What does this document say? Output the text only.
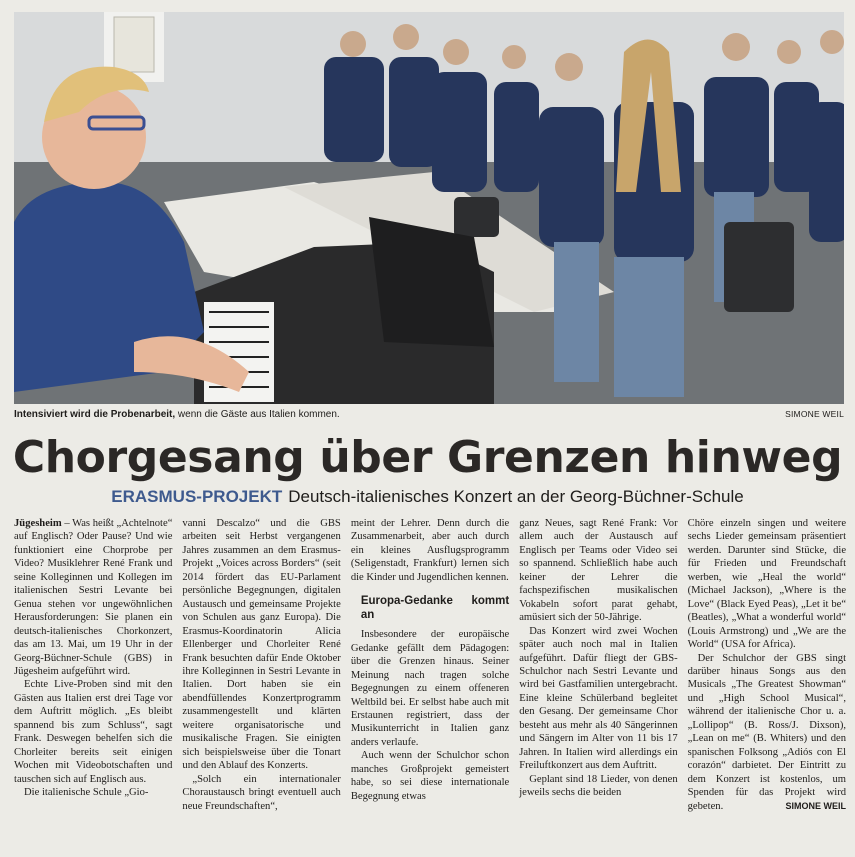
Intensiviert wird die Probenarbeit, wenn die Gäste aus Italien kommen.	SIMONE WEIL
Chorgesang über Grenzen hinweg
ERASMUS-PROJEKT Deutsch-italienisches Konzert an der Georg-Büchner-Schule

Jügesheim – Was heißt „Achtelnote“ auf Englisch? Oder Pause? Und wie funktioniert eine Chorprobe per Video? Musiklehrer René Frank und seine Kolleginnen und Kollegen im italienischen Sestri Levante bei Genua stehen vor ungewöhnlichen Herausforderungen: Sie planen ein deutsch-italienisches Chorkonzert, das am 13. Mai, um 19 Uhr in der Georg-Büchner-Schule (GBS) in Jügesheim aufgeführt wird.

Echte Live-Proben sind mit den Gästen aus Italien erst drei Tage vor dem Auftritt möglich. „Es bleibt spannend bis zum Schluss“, sagt Frank. Deswegen behelfen sich die Chorleiter bereits seit einigen Wochen mit Videobotschaften und tauschen sich auf Englisch aus.

Die italienische Schule „Gio-

vanni Descalzo“ und die GBS arbeiten seit Herbst vergangenen Jahres zusammen an dem Erasmus-Projekt „Voices across Borders“ (seit 2014 fördert das EU-Parlament persönliche Begegnungen, digitalen Austausch und gemeinsame Projekte von Schulen aus ganz Europa). Die Erasmus-Koordinatorin Alicia Ellenberger und Chorleiter René Frank besuchten dafür Ende Oktober ihre Kolleginnen in Sestri Levante in Italien. Dort haben sie ein abendfüllendes Konzertprogramm zusammengestellt und klärten weitere organisatorische und musikalische Fragen. Sie einigten sich beispielsweise über die Tonart und den Ablauf des Konzerts.

„Solch ein internationaler Choraustausch bringt eventuell auch neue Freundschaften“,

meint der Lehrer. Denn durch die Zusammenarbeit, aber auch durch ein kleines Ausflugsprogramm (Seligenstadt, Frankfurt) lernen sich die Kinder und Jugendlichen kennen.

Europa-Gedanke kommt an

Insbesondere der europäische Gedanke gefällt dem Pädagogen: über die Grenzen hinaus. Seiner Meinung nach tragen solche Begegnungen zu einem offeneren Weltbild bei. Er selbst habe auch mit Erstaunen registriert, dass der Musikunterricht in Italien ganz anders verlaufe.

Auch wenn der Schulchor schon manches Großprojekt gemeistert habe, so sei diese internationale Begegnung etwas

ganz Neues, sagt René Frank: Vor allem auch der Austausch auf Englisch per Teams oder Video sei so spannend. Schließlich habe auch keiner der Lehrer die fachspezifischen musikalischen Vokabeln sofort parat gehabt, amüsiert sich der 50-Jährige.

Das Konzert wird zwei Wochen später auch noch mal in Italien aufgeführt. Dafür fliegt der GBS-Schulchor nach Sestri Levante und wird bei Gastfamilien untergebracht. Eine kleine Schülerband begleitet den Gesang. Der gemeinsame Chor besteht aus mehr als 40 Sängerinnen und Sängern im Alter von 11 bis 17 Jahren. In Italien wird allerdings ein Freiluftkonzert aus dem Auftritt.

Geplant sind 18 Lieder, von denen jeweils sechs die beiden

Chöre einzeln singen und weitere sechs Lieder gemeinsam präsentiert werden. Darunter sind Stücke, die für Frieden und Freundschaft werben, wie „Heal the world“ (Michael Jackson), „Where is the Love“ (Black Eyed Peas), „Let it be“ (Beatles), „What a wonderful world“ (Louis Armstrong) und „We are the World“ (USA for Africa).

Der Schulchor der GBS singt darüber hinaus Songs aus den Musicals „The Greatest Showman“ und „High School Musical“, während der italienische Chor u. a. „Lollipop“ (B. Ross/J. Dixson), „Lean on me“ (B. Whiters) und den spanischen Folksong „Adiós con El corazón“ darbietet. Der Eintritt zu dem Konzert ist kostenlos, um Spenden für das Projekt wird gebeten.	SIMONE WEIL
